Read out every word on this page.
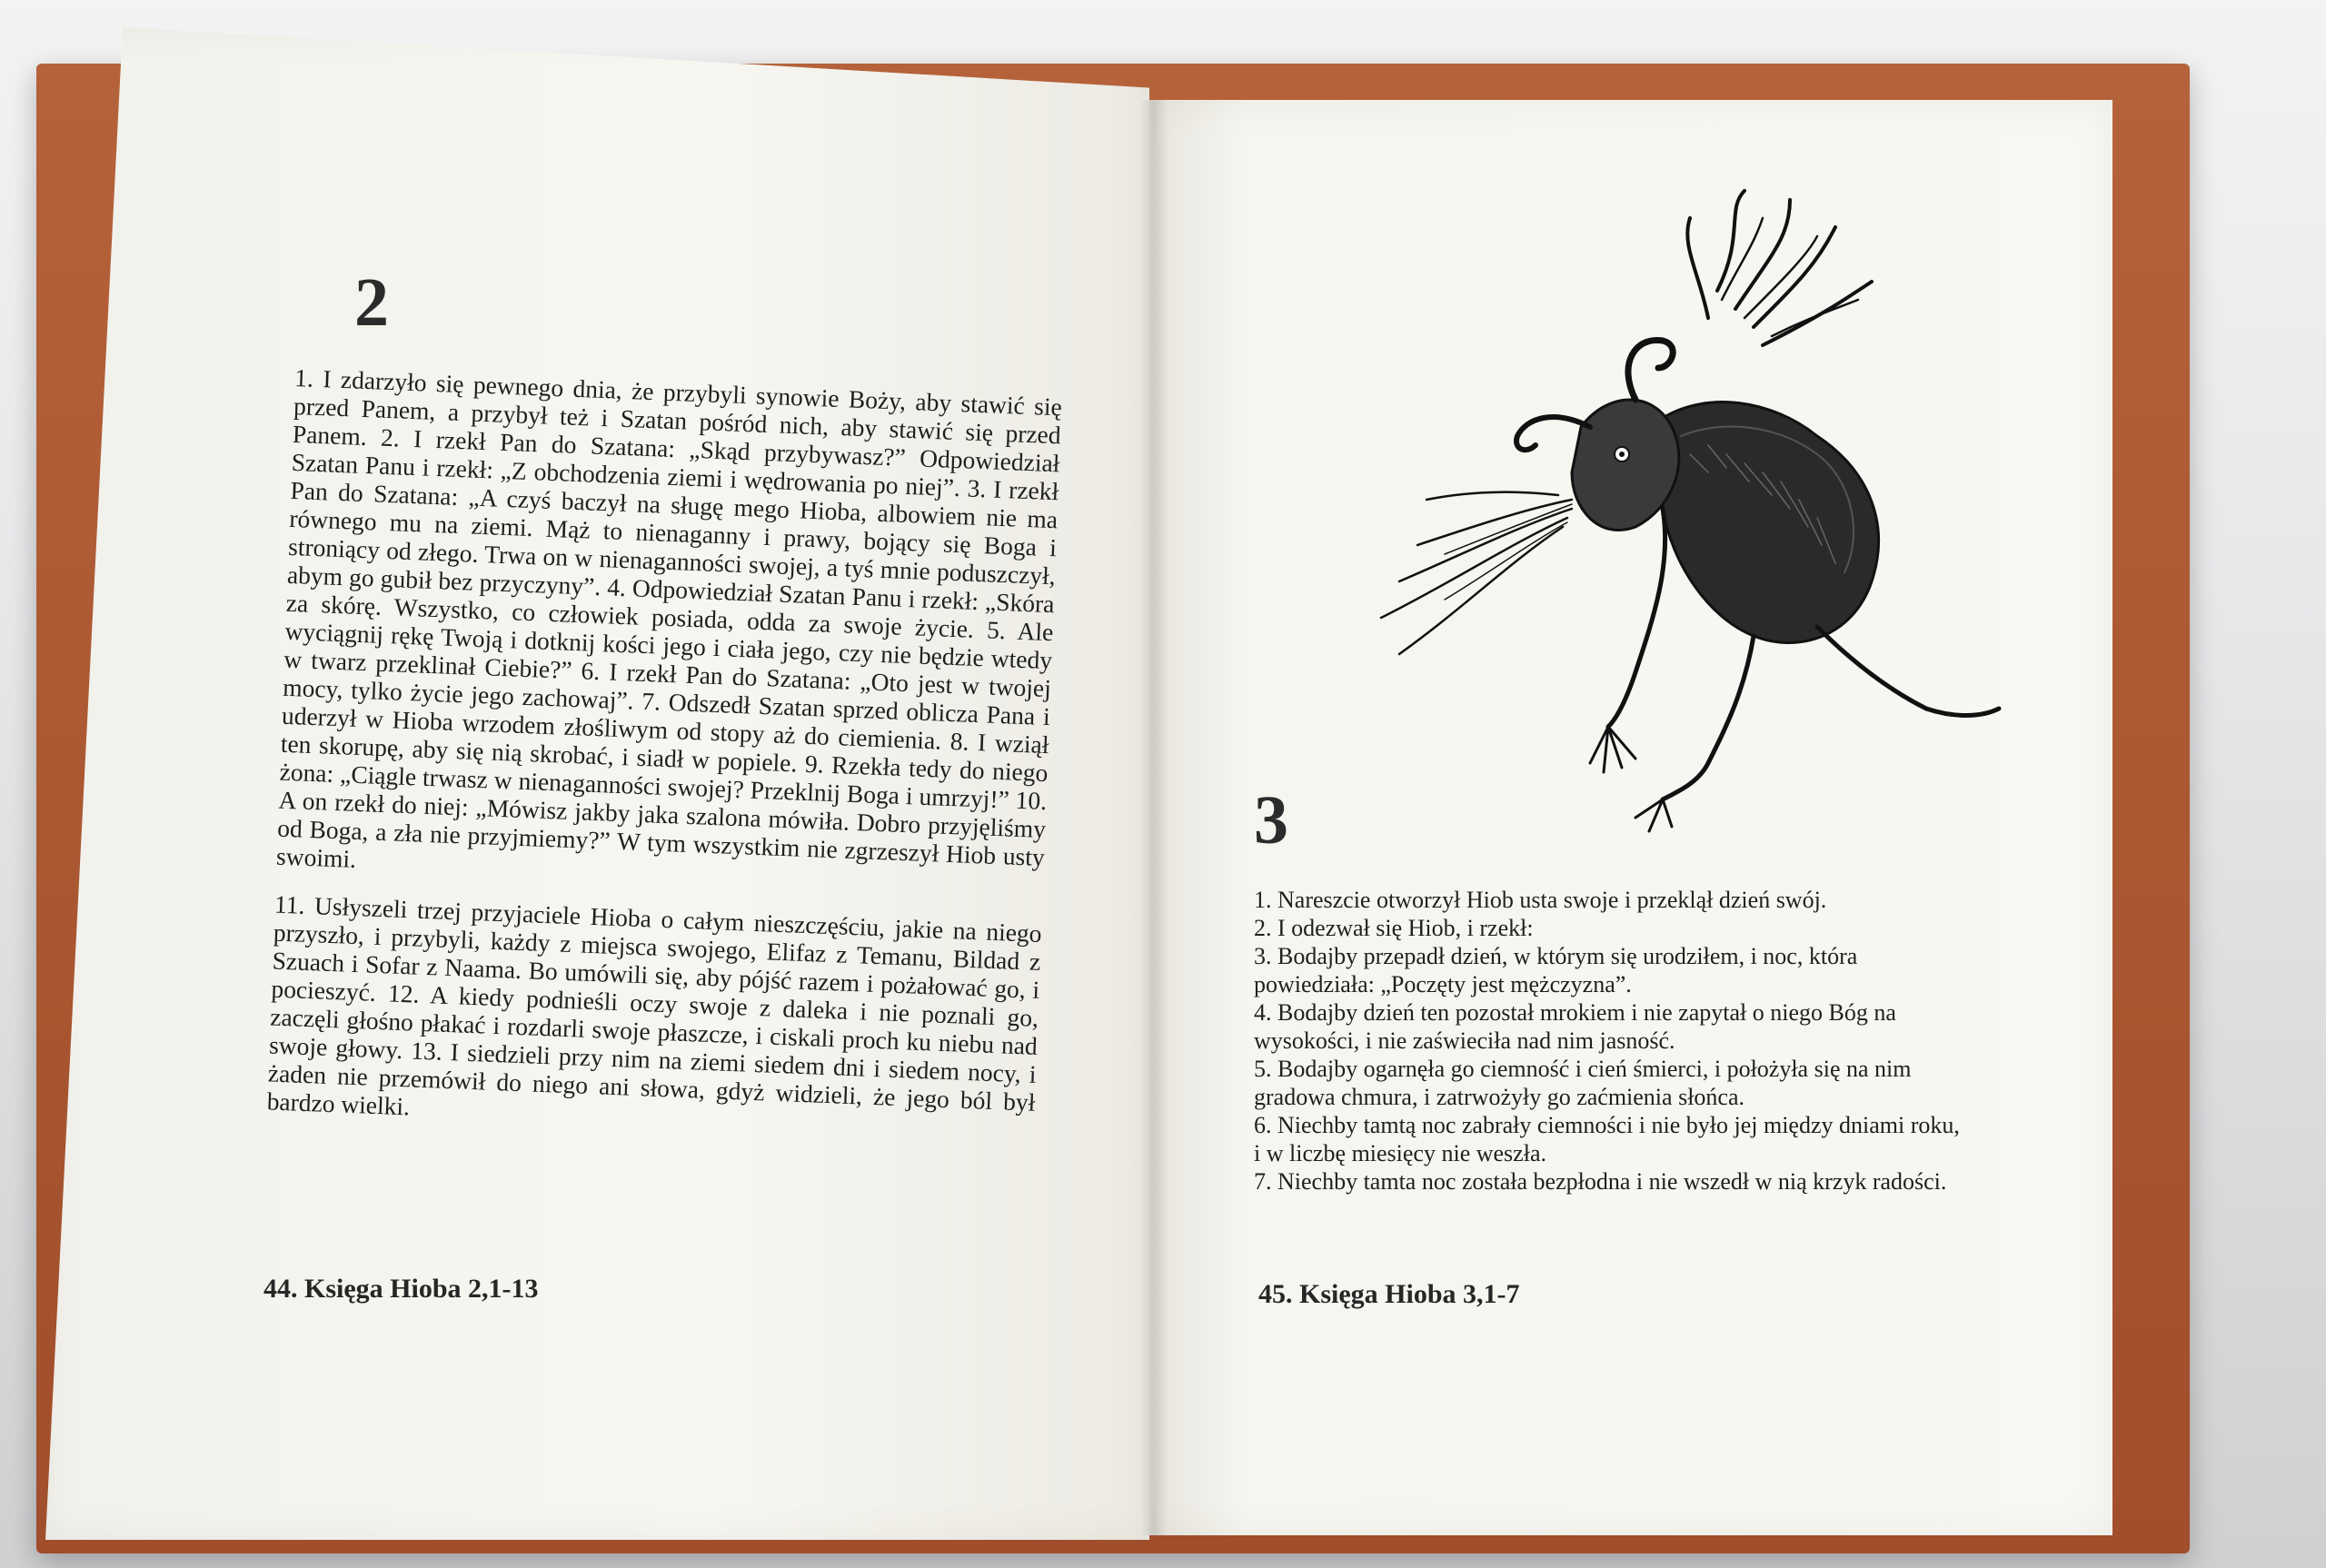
2

1. I zdarzyło się pewnego dnia, że przybyli synowie Boży, aby stawić się przed Panem, a przybył też i Szatan pośród nich, aby stawić się przed Panem. 2. I rzekł Pan do Szatana: „Skąd przybywasz?” Odpowiedział Szatan Panu i rzekł: „Z obchodzenia ziemi i wędrowania po niej”. 3. I rzekł Pan do Szatana: „A czyś baczył na sługę mego Hioba, albowiem nie ma równego mu na ziemi. Mąż to nienaganny i prawy, bojący się Boga i stroniący od złego. Trwa on w nienaganności swojej, a tyś mnie poduszczył, abym go gubił bez przyczyny”. 4. Odpowiedział Szatan Panu i rzekł: „Skóra za skórę. Wszystko, co człowiek posiada, odda za swoje życie. 5. Ale wyciągnij rękę Twoją i dotknij kości jego i ciała jego, czy nie będzie wtedy w twarz przeklinał Ciebie?” 6. I rzekł Pan do Szatana: „Oto jest w twojej mocy, tylko życie jego zachowaj”. 7. Odszedł Szatan sprzed oblicza Pana i uderzył w Hioba wrzodem złośliwym od stopy aż do ciemienia. 8. I wziął ten skorupę, aby się nią skrobać, i siadł w popiele. 9. Rzekła tedy do niego żona: „Ciągle trwasz w nienaganności swojej? Przeklnij Boga i umrzyj!” 10. A on rzekł do niej: „Mówisz jakby jaka szalona mówiła. Dobro przyjęliśmy od Boga, a zła nie przyjmiemy?” W tym wszystkim nie zgrzeszył Hiob usty swoimi.

11. Usłyszeli trzej przyjaciele Hioba o całym nieszczęściu, jakie na niego przyszło, i przybyli, każdy z miejsca swojego, Elifaz z Temanu, Bildad z Szuach i Sofar z Naama. Bo umówili się, aby pójść razem i pożałować go, i pocieszyć. 12. A kiedy podnieśli oczy swoje z daleka i nie poznali go, zaczęli głośno płakać i rozdarli swoje płaszcze, i ciskali proch ku niebu nad swoje głowy. 13. I siedzieli przy nim na ziemi siedem dni i siedem nocy, i żaden nie przemówił do niego ani słowa, gdyż widzieli, że jego ból był bardzo wielki.

44. Księga Hioba 2,1-13
3

1. Nareszcie otworzył Hiob usta swoje i przeklął dzień swój.

2. I odezwał się Hiob, i rzekł:

3. Bodajby przepadł dzień, w którym się urodziłem, i noc, która powiedziała: „Poczęty jest mężczyzna”.

4. Bodajby dzień ten pozostał mrokiem i nie zapytał o niego Bóg na wysokości, i nie zaświeciła nad nim jasność.

5. Bodajby ogarnęła go ciemność i cień śmierci, i położyła się na nim gradowa chmura, i zatrwożyły go zaćmienia słońca.

6. Niechby tamtą noc zabrały ciemności i nie było jej między dniami roku, i w liczbę miesięcy nie weszła.

7. Niechby tamta noc została bezpłodna i nie wszedł w nią krzyk radości.

45. Księga Hioba 3,1-7
